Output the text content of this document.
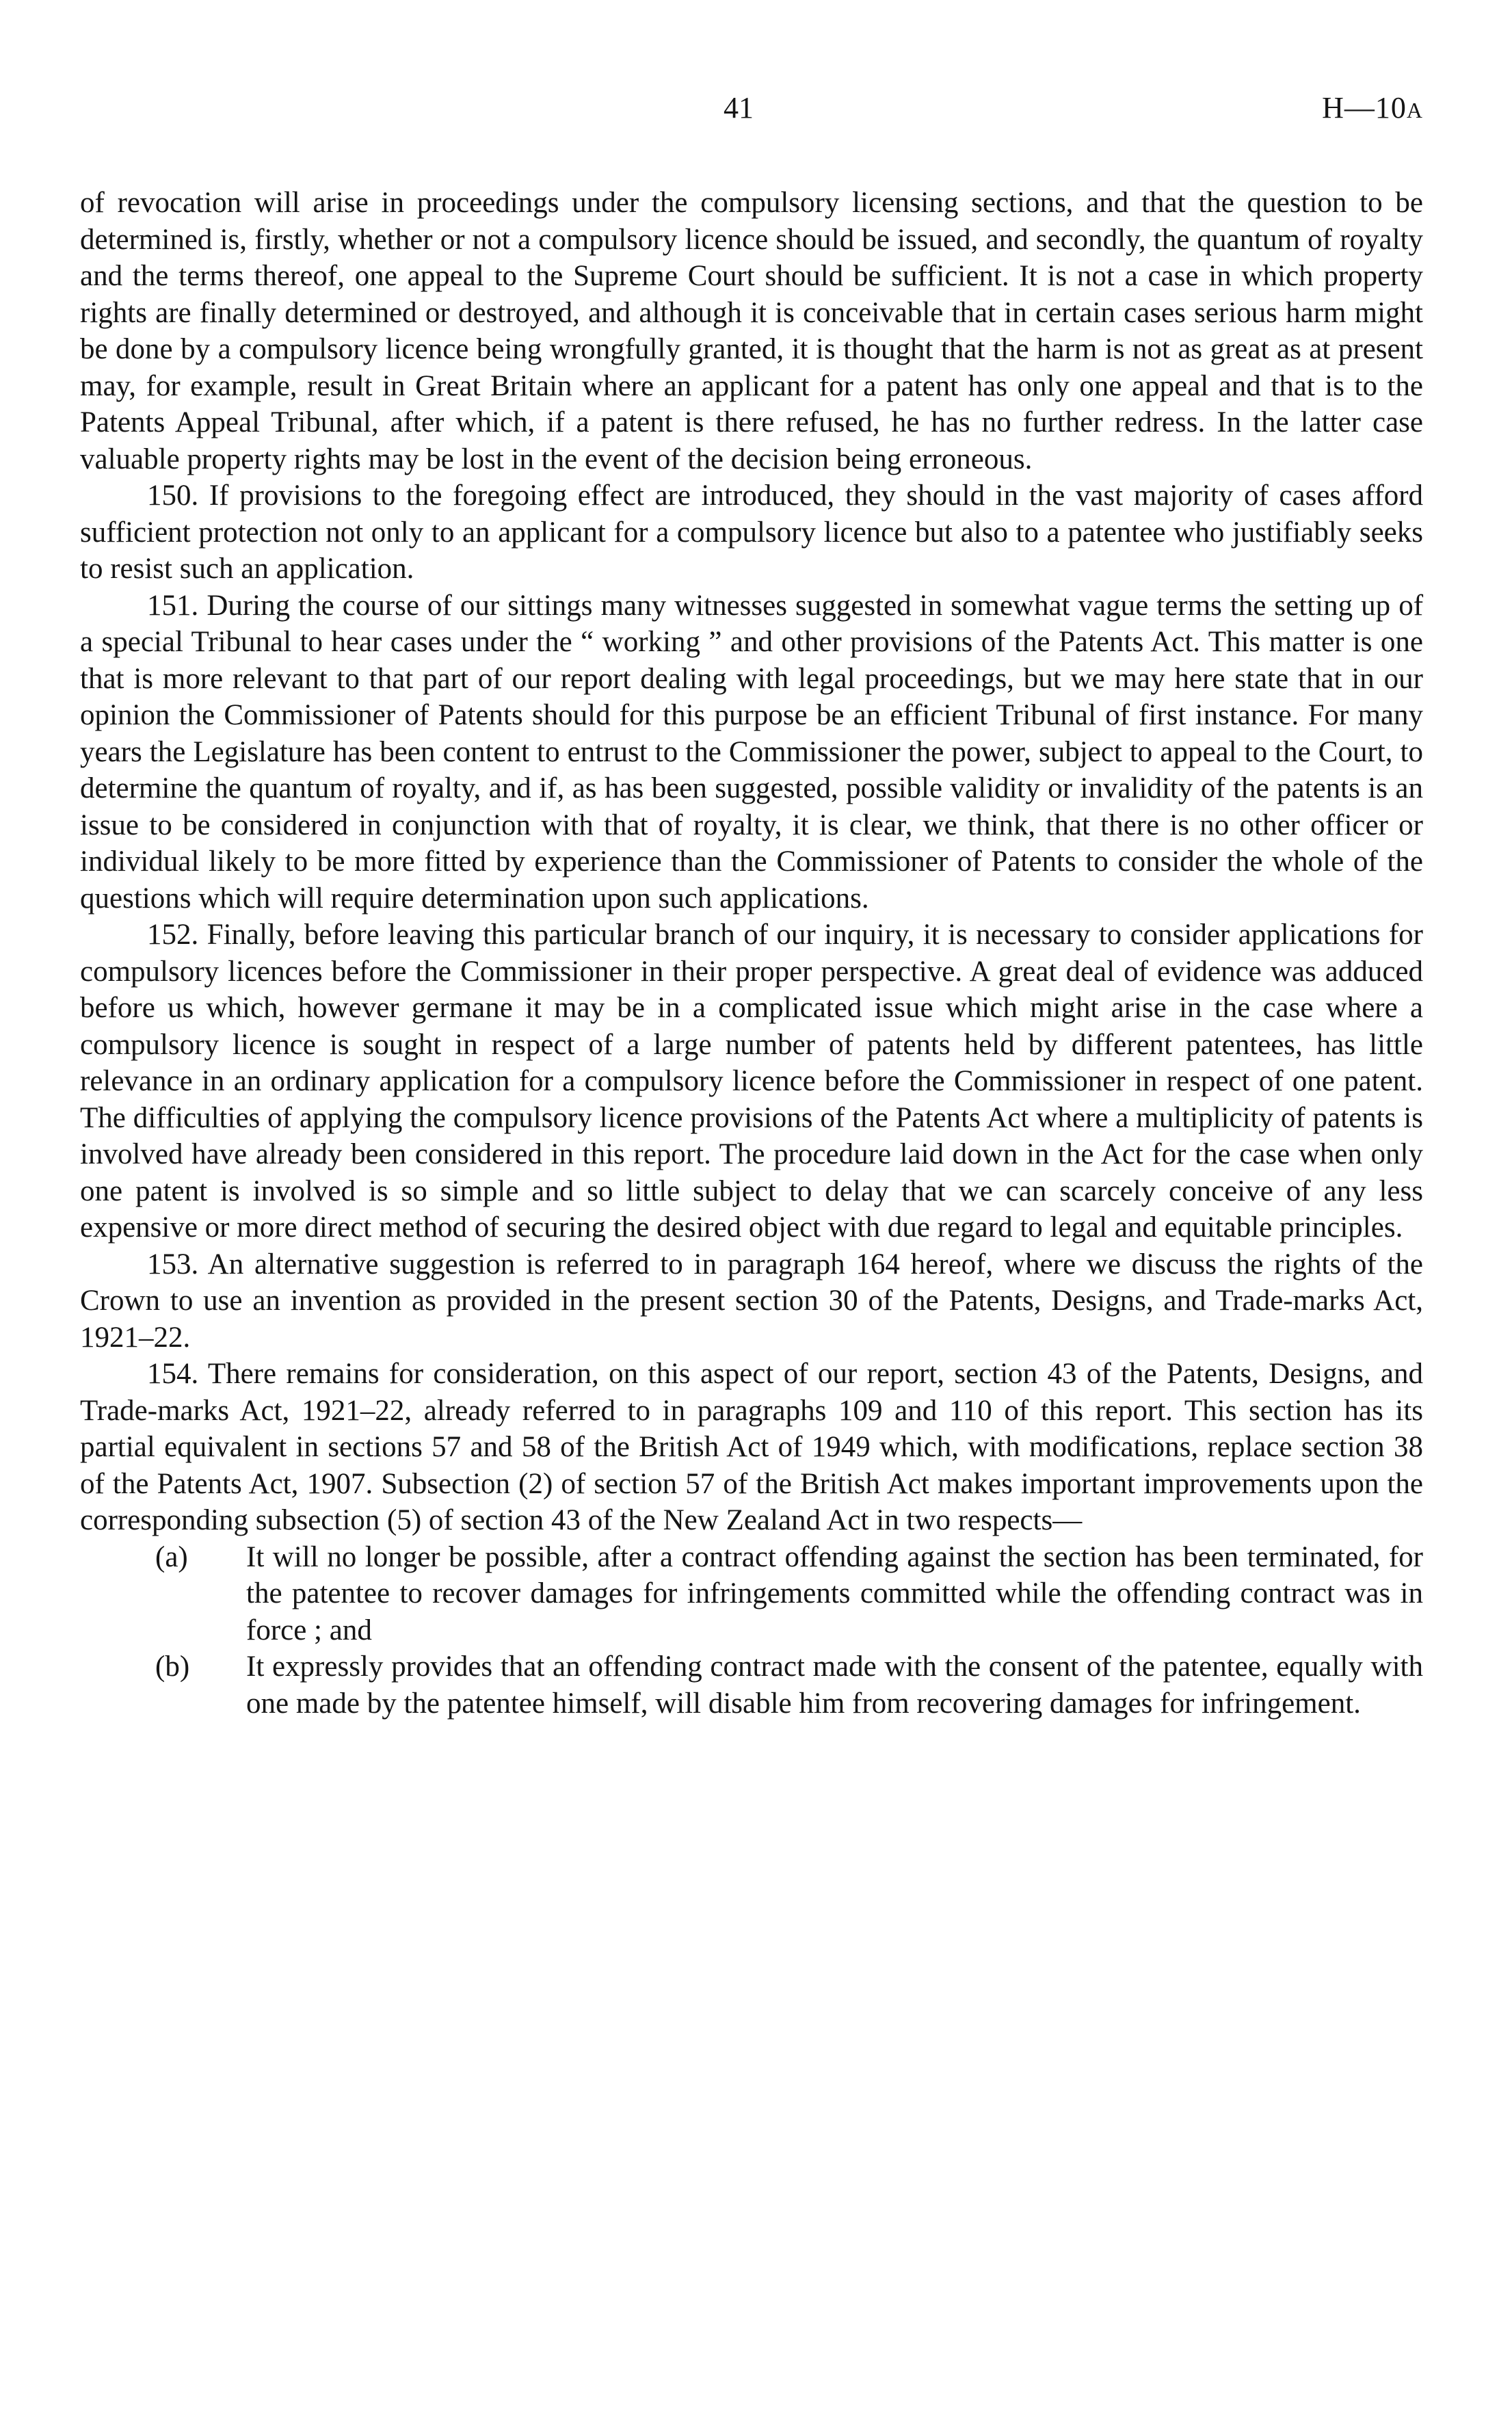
41	H—10A

of revocation will arise in proceedings under the compulsory licensing sections, and that the question to be determined is, firstly, whether or not a compulsory licence should be issued, and secondly, the quantum of royalty and the terms thereof, one appeal to the Supreme Court should be sufficient. It is not a case in which property rights are finally determined or destroyed, and although it is conceivable that in certain cases serious harm might be done by a compulsory licence being wrongfully granted, it is thought that the harm is not as great as at present may, for example, result in Great Britain where an applicant for a patent has only one appeal and that is to the Patents Appeal Tribunal, after which, if a patent is there refused, he has no further redress. In the latter case valuable property rights may be lost in the event of the decision being erroneous.

150. If provisions to the foregoing effect are introduced, they should in the vast majority of cases afford sufficient protection not only to an applicant for a compulsory licence but also to a patentee who justifiably seeks to resist such an application.

151. During the course of our sittings many witnesses suggested in somewhat vague terms the setting up of a special Tribunal to hear cases under the “ working ” and other provisions of the Patents Act. This matter is one that is more relevant to that part of our report dealing with legal proceedings, but we may here state that in our opinion the Commissioner of Patents should for this purpose be an efficient Tribunal of first instance. For many years the Legislature has been content to entrust to the Commissioner the power, subject to appeal to the Court, to determine the quantum of royalty, and if, as has been suggested, possible validity or invalidity of the patents is an issue to be considered in conjunction with that of royalty, it is clear, we think, that there is no other officer or individual likely to be more fitted by experience than the Commissioner of Patents to consider the whole of the questions which will require determination upon such applications.

152. Finally, before leaving this particular branch of our inquiry, it is necessary to consider applications for compulsory licences before the Commissioner in their proper perspective. A great deal of evidence was adduced before us which, however germane it may be in a complicated issue which might arise in the case where a compulsory licence is sought in respect of a large number of patents held by different patentees, has little relevance in an ordinary application for a compulsory licence before the Commissioner in respect of one patent. The difficulties of applying the compulsory licence provisions of the Patents Act where a multiplicity of patents is involved have already been considered in this report. The procedure laid down in the Act for the case when only one patent is involved is so simple and so little subject to delay that we can scarcely conceive of any less expensive or more direct method of securing the desired object with due regard to legal and equitable principles.

153. An alternative suggestion is referred to in paragraph 164 hereof, where we discuss the rights of the Crown to use an invention as provided in the present section 30 of the Patents, Designs, and Trade-marks Act, 1921–22.

154. There remains for consideration, on this aspect of our report, section 43 of the Patents, Designs, and Trade-marks Act, 1921–22, already referred to in paragraphs 109 and 110 of this report. This section has its partial equivalent in sections 57 and 58 of the British Act of 1949 which, with modifications, replace section 38 of the Patents Act, 1907. Subsection (2) of section 57 of the British Act makes important improvements upon the corresponding subsection (5) of section 43 of the New Zealand Act in two respects—

(a) It will no longer be possible, after a contract offending against the section has been terminated, for the patentee to recover damages for infringements committed while the offending contract was in force ; and

(b) It expressly provides that an offending contract made with the consent of the patentee, equally with one made by the patentee himself, will disable him from recovering damages for infringement.
